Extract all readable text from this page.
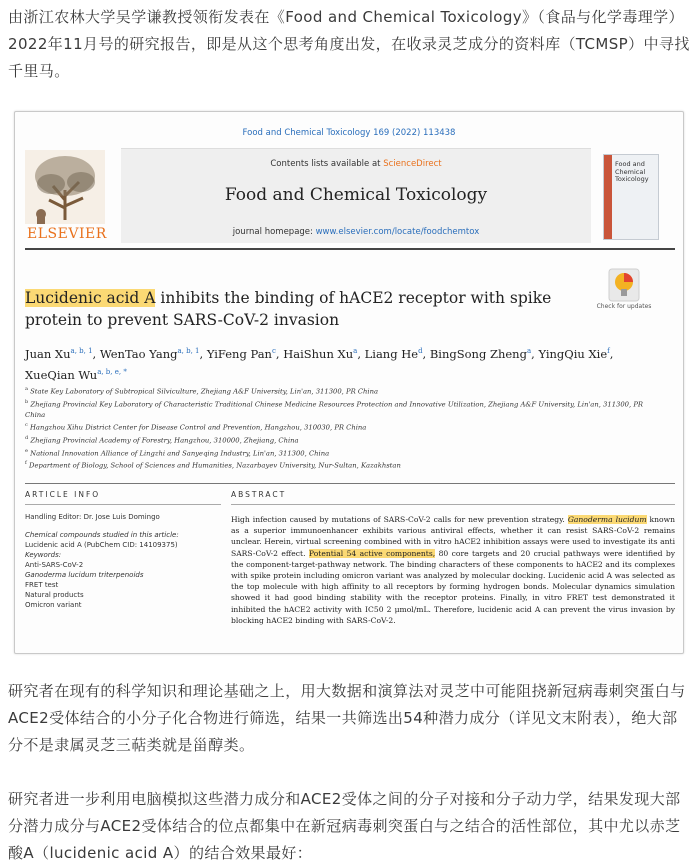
由浙江农林大学吴学谦教授领衔发表在《Food and Chemical Toxicology》（食品与化学毒理学）2022年11月号的研究报告，即是从这个思考角度出发，在收录灵芝成分的资料库（TCMSP）中寻找千里马。

Food and Chemical Toxicology 169 (2022) 113438
ELSEVIER
Contents lists available at ScienceDirect
Food and Chemical Toxicology
journal homepage: www.elsevier.com/locate/foodchemtox
Food and Chemical Toxicology
Lucidenic acid A inhibits the binding of hACE2 receptor with spike protein to prevent SARS-CoV-2 invasion
Check for updates
Juan Xu$^{a, b, 1}$, WenTao Yang$^{a, b, 1}$, YiFeng Pan$^c$, HaiShun Xu$^a$, Liang He$^d$, BingSong Zheng$^a$, YingQiu Xie$^f$, XueQian $Wu^{a, b, e, *}$
$^a$ State Key Laboratory of Subtropical Silviculture, Zhejiang A&F University, Lin'an, 311300, PR China
$^b$ Zhejiang Provincial Key Laboratory of Characteristic Traditional Chinese Medicine Resources Protection and Innovative Utilization, Zhejiang A&F University, Lin'an, 311300, PR China
$^c$ Hangzhou Xihu District Center for Disease Control and Prevention, Hangzhou, 310030, PR China
$^d$ Zhejiang Provincial Academy of Forestry, Hangzhou, 310000, Zhejiang, China
$^e$ National Innovation Alliance of Lingzhi and Sanyeqing Industry, Lin'an, 311300, China
$^f$ Department of Biology, School of Sciences and Humanities, Nazarbayev University, Nur-Sultan, Kazakhstan
ARTICLE INFO	ABSTRACT
Handling Editor: Dr. Jose Luis Domingo
Chemical compounds studied in this article:
Lucidenic acid A (PubChem CID: 14109375)
Keywords:
Anti-SARS-CoV-2
Ganoderma lucidum triterpenoids
FRET test
Natural products
Omicron variant
High infection caused by mutations of SARS-CoV-2 calls for new prevention strategy. Ganoderma lucidum known as a superior immunoenhancer exhibits various antiviral effects, whether it can resist SARS-CoV-2 remains unclear. Herein, virtual screening combined with in vitro hACE2 inhibition assays were used to investigate its anti SARS-CoV-2 effect. Potential 54 active components, 80 core targets and 20 crucial pathways were identified by the component-target-pathway network. The binding characters of these components to hACE2 and its complexes with spike protein including omicron variant was analyzed by molecular docking. Lucidenic acid A was selected as the top molecule with high affinity to all receptors by forming hydrogen bonds. Molecular dynamics simulation showed it had good binding stability with the receptor proteins. Finally, in vitro FRET test demonstrated it inhibited the hACE2 activity with IC50 2 μmol/mL. Therefore, lucidenic acid A can prevent the virus invasion by blocking hACE2 binding with SARS-CoV-2.

研究者在现有的科学知识和理论基础之上，用大数据和演算法对灵芝中可能阻挠新冠病毒刺突蛋白与ACE2受体结合的小分子化合物进行筛选，结果一共筛选出54种潜力成分（详见文末附表），绝大部分不是隶属灵芝三萜类就是甾醇类。

研究者进一步利用电脑模拟这些潜力成分和ACE2受体之间的分子对接和分子动力学，结果发现大部分潜力成分与ACE2受体结合的位点都集中在新冠病毒刺突蛋白与之结合的活性部位，其中尤以赤芝酸A（lucidenic acid A）的结合效果最好：
